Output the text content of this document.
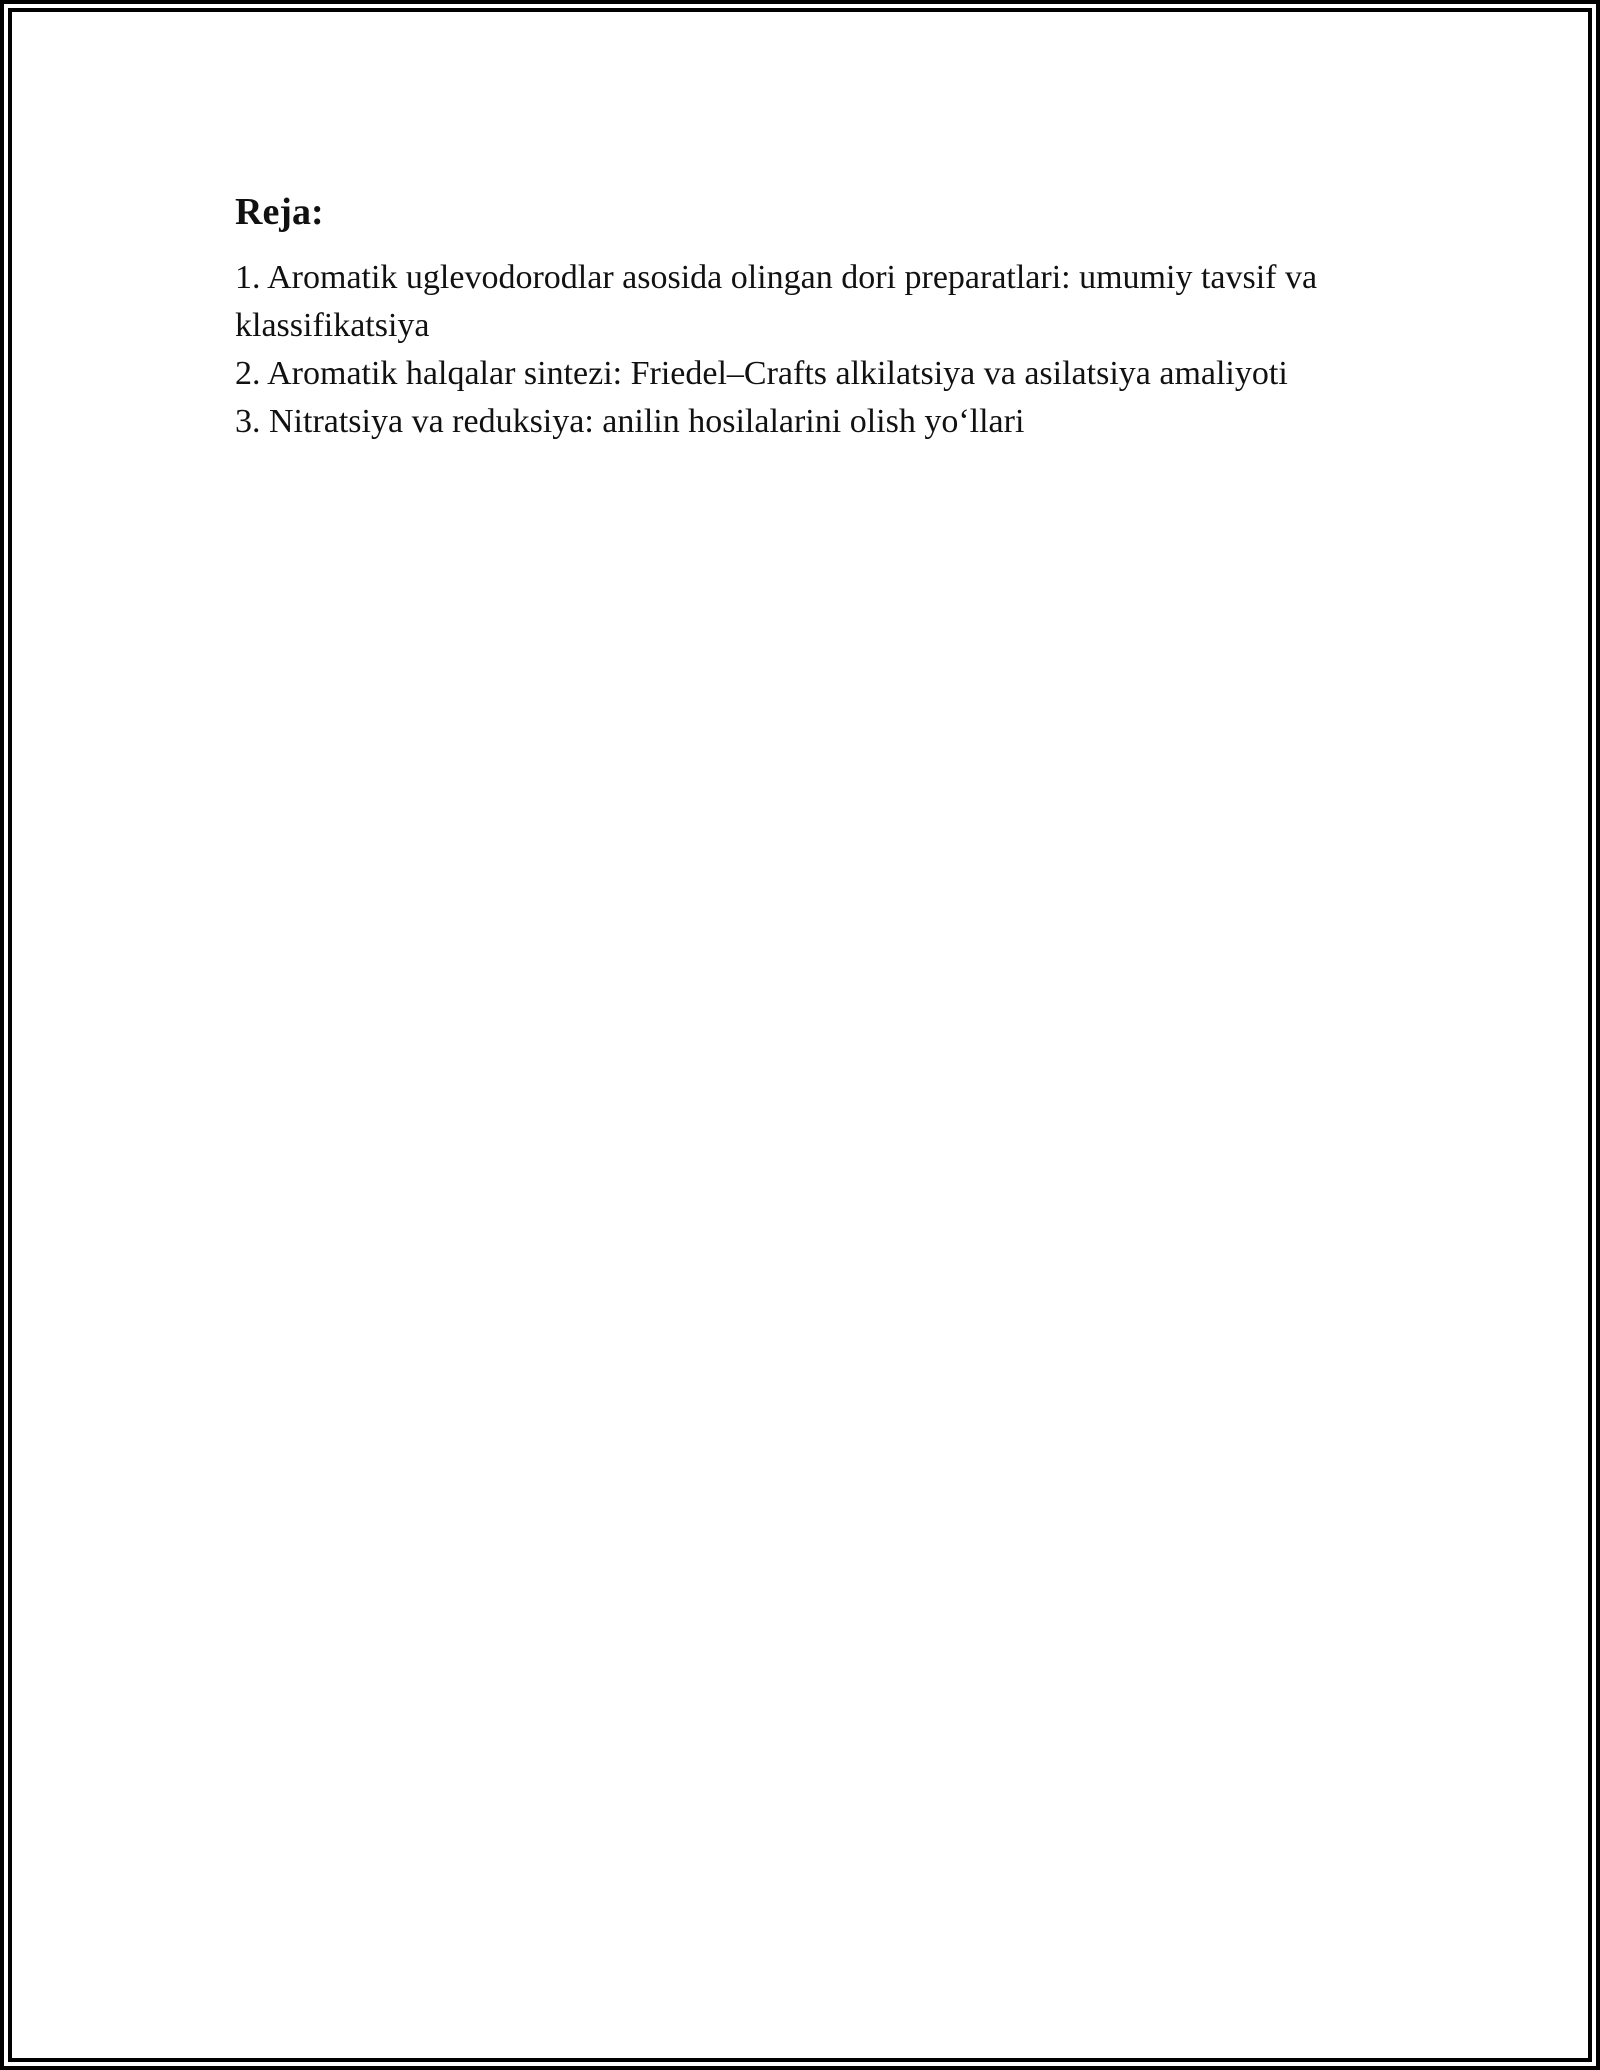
Reja:
1. Aromatik uglevodorodlar asosida olingan dori preparatlari: umumiy tavsif va klassifikatsiya
2. Aromatik halqalar sintezi: Friedel–Crafts alkilatsiya va asilatsiya amaliyoti
3. Nitratsiya va reduksiya: anilin hosilalarini olish yo‘llari
